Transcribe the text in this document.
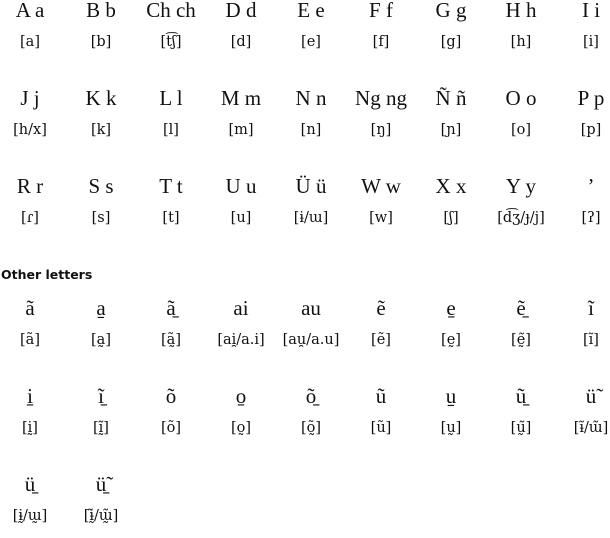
A a	B b	Ch ch	D d	E e	F f	G g	H h	I i
[a]	[b]	[t͡ʃ]	[d]	[e]	[f]	[g]	[h]	[i]
J j	K k	L l	M m	N n	Ng ng	Ñ ñ	O o	P p
[h/x]	[k]	[l]	[m]	[n]	[ŋ]	[ɲ]	[o]	[p]
R r	S s	T t	U u	Ü ü	W w	X x	Y y	’
[ɾ]	[s]	[t]	[u]	[ɨ/ɯ]	[w]	[ʃ]	[d͡ʒ/ɟ/j]	[ʔ]
Other letters
ã	a̱	ã̱	ai	au	ẽ	e̱	ẽ̱	ĩ
[ã]	[a̰]	[ã̰]	[ai̯/a.i]	[au̯/a.u]	[ẽ]	[ḛ]	[ḛ̃]	[ĩ]
i̱	ĩ̱	õ	o̱	õ̱	ũ	u̱	ũ̱	ü̃
[ḭ]	[ḭ̃]	[õ]	[o̰]	[õ̰]	[ũ]	[ṵ]	[ṵ̃]	[ɨ̃/ɯ̃]
ü̱	ü̱̃
[ɨ̰/ɯ̰]	[ɨ̰̃/ɯ̰̃]
